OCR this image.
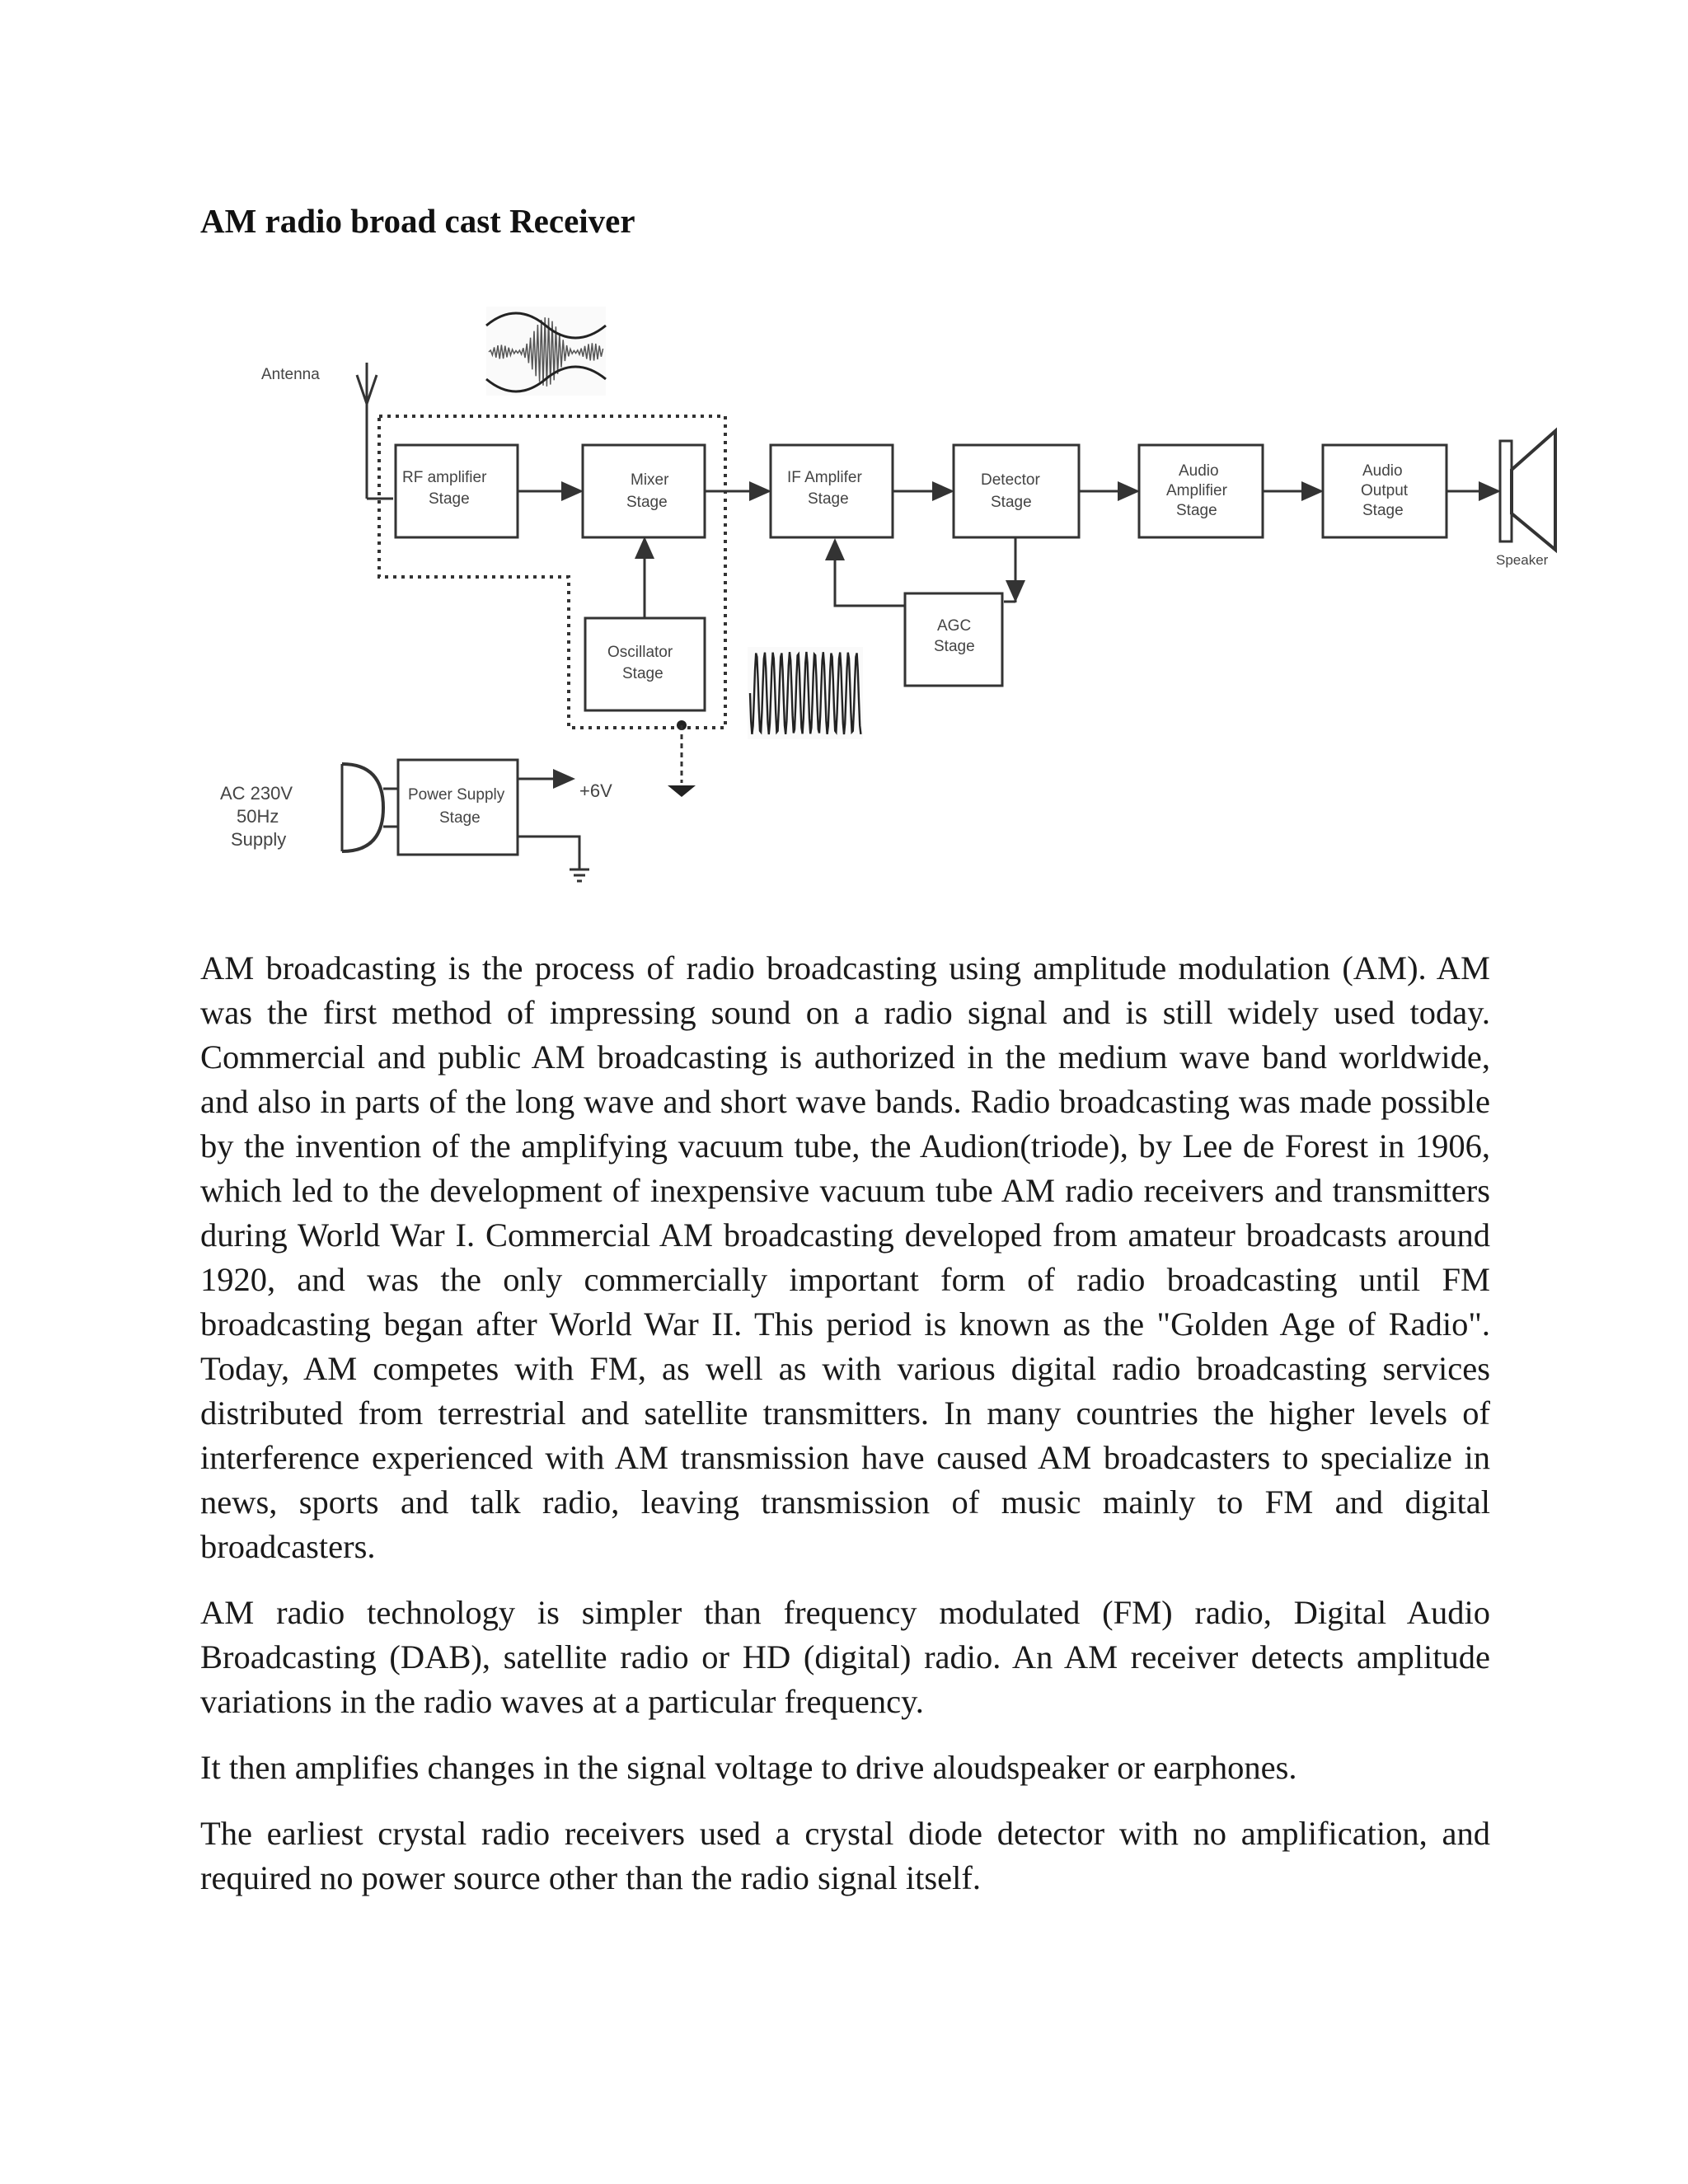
AM radio broad cast Receiver
Antenna
RF amplifier
Stage
Mixer
Stage
IF Amplifer
Stage
Detector
Stage
Audio
Amplifier
Stage
Audio
Output
Stage
Speaker
Oscillator
Stage
AGC
Stage
Power Supply
Stage
+6V
AC 230V
50Hz
Supply

AM broadcasting is the process of radio broadcasting using amplitude modulation (AM). AM was the first method of impressing sound on a radio signal and is still widely used today. Commercial and public AM broadcasting is authorized in the medium wave band worldwide, and also in parts of the long wave and short wave bands. Radio broadcasting was made possible by the invention of the amplifying vacuum tube, the Audion(triode), by Lee de Forest in 1906, which led to the development of inexpensive vacuum tube AM radio receivers and transmitters during World War I. Commercial AM broadcasting developed from amateur broadcasts around 1920, and was the only commercially important form of radio broadcasting until FM broadcasting began after World War II. This period is known as the "Golden Age of Radio". Today, AM competes with FM, as well as with various digital radio broadcasting services distributed from terrestrial and satellite transmitters. In many countries the higher levels of interference experienced with AM transmission have caused AM broadcasters to specialize in news, sports and talk radio, leaving transmission of music mainly to FM and digital broadcasters.

AM radio technology is simpler than frequency modulated (FM) radio, Digital Audio Broadcasting (DAB), satellite radio or HD (digital) radio. An AM receiver detects amplitude variations in the radio waves at a particular frequency.

It then amplifies changes in the signal voltage to drive aloudspeaker or earphones.

The earliest crystal radio receivers used a crystal diode detector with no amplification, and required no power source other than the radio signal itself.
